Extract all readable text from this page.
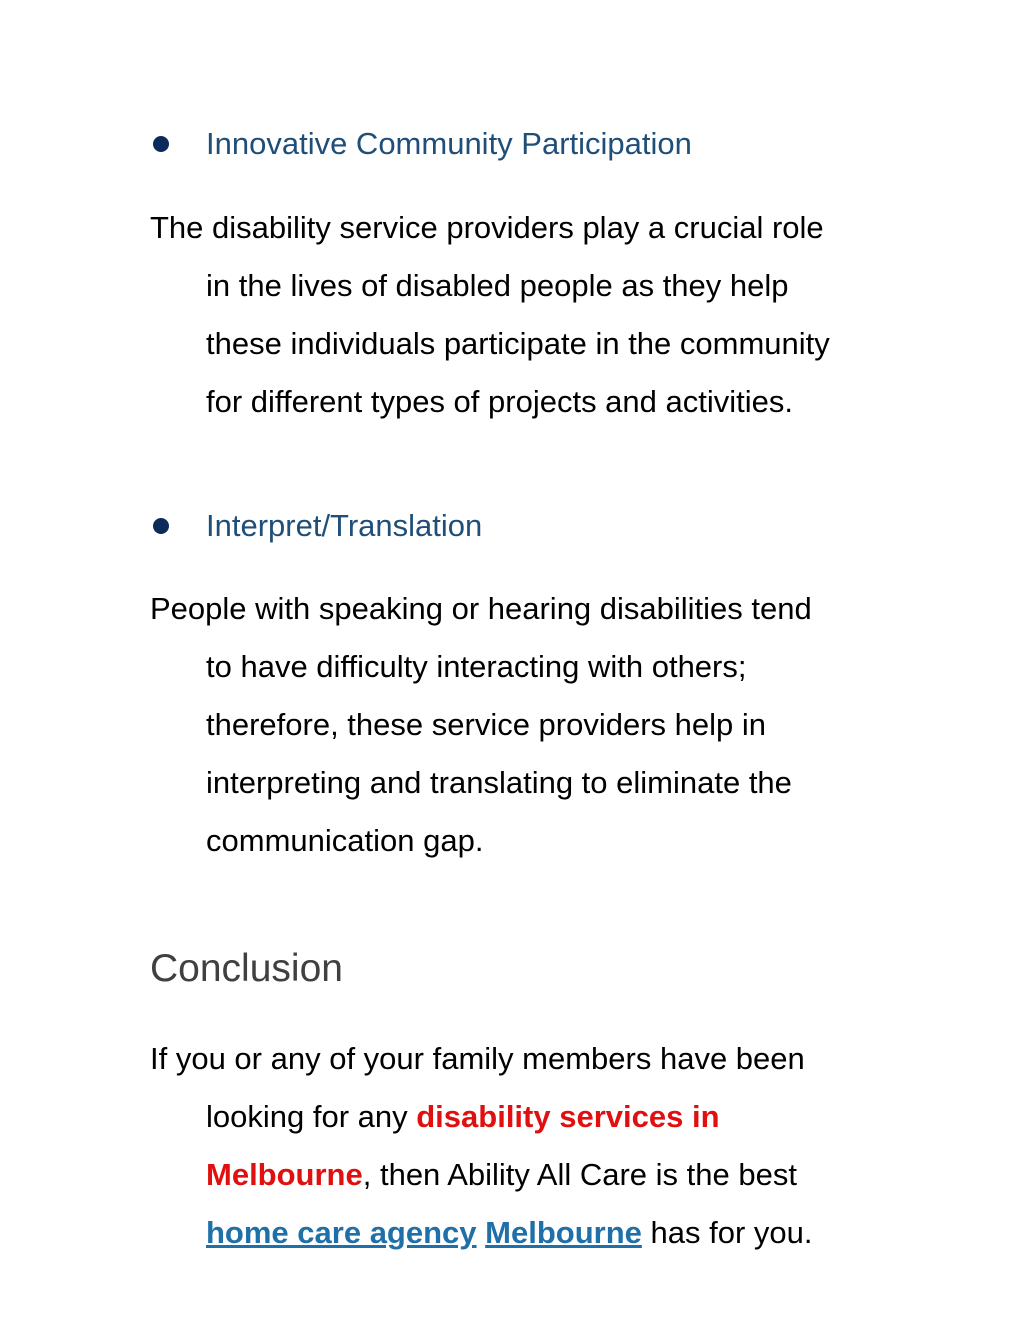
Innovative Community Participation
The disability service providers play a crucial role
in the lives of disabled people as they help
these individuals participate in the community
for different types of projects and activities.
Interpret/Translation
People with speaking or hearing disabilities tend
to have difficulty interacting with others;
therefore, these service providers help in
interpreting and translating to eliminate the
communication gap.
Conclusion
If you or any of your family members have been
looking for any disability services in
Melbourne, then Ability All Care is the best
home care agency Melbourne has for you.
